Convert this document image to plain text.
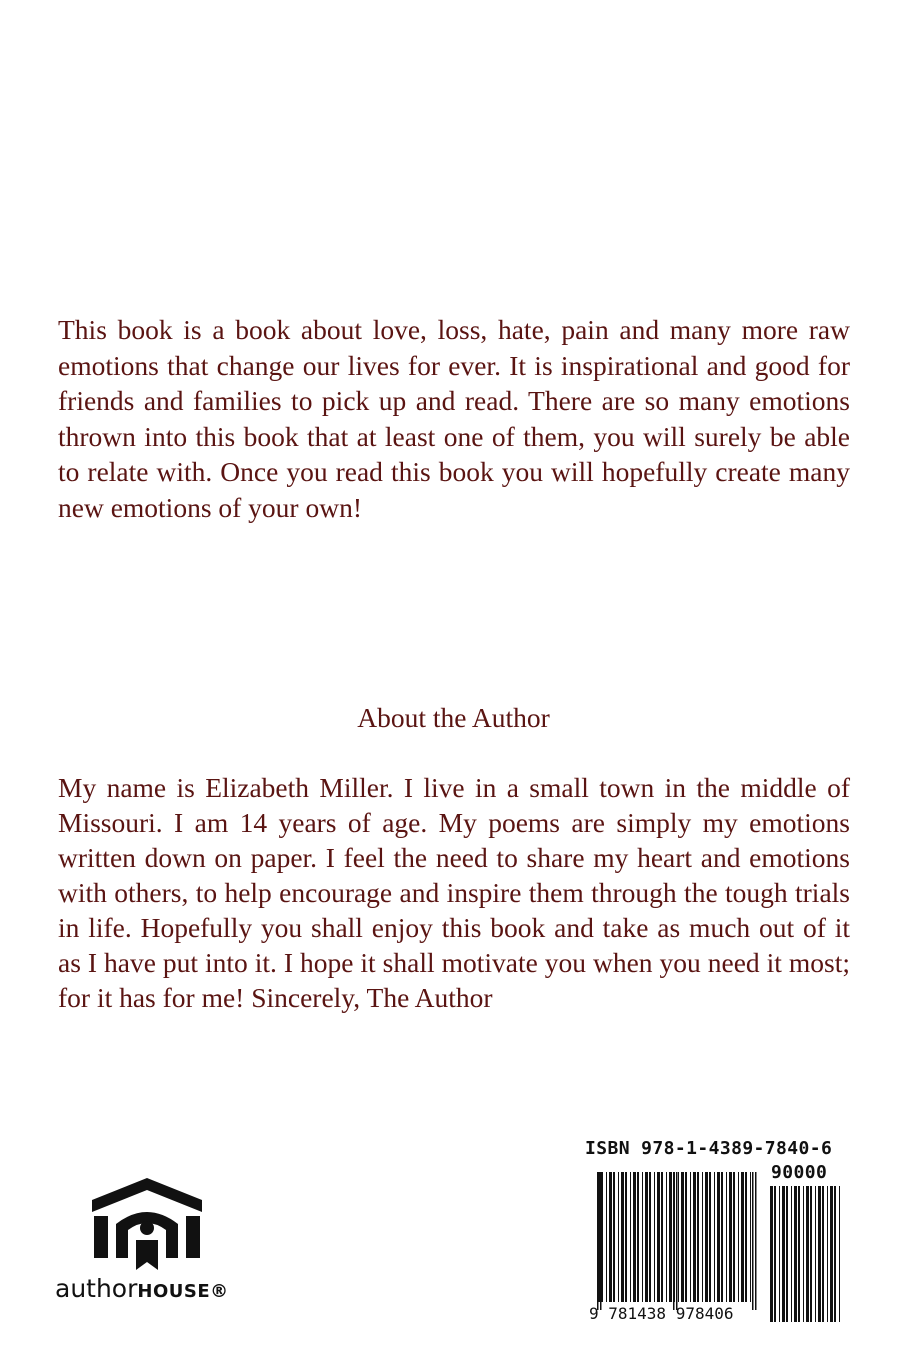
This book is a book about love, loss, hate, pain and many more raw emotions that change our lives for ever. It is inspirational and good for friends and families to pick up and read. There are so many emotions thrown into this book that at least one of them, you will surely be able to relate with. Once you read this book you will hopefully create many new emotions of your own!

About the Author

My name is Elizabeth Miller. I live in a small town in the middle of Missouri. I am 14 years of age. My poems are simply my emotions written down on paper. I feel the need to share my heart and emotions with others, to help encourage and inspire them through the tough trials in life. Hopefully you shall enjoy this book and take as much out of it as I have put into it. I hope it shall motivate you when you need it most; for it has for me! Sincerely, The Author

authorHOUSE®
ISBN 978-1-4389-7840-6
90000
9 781438 978406
